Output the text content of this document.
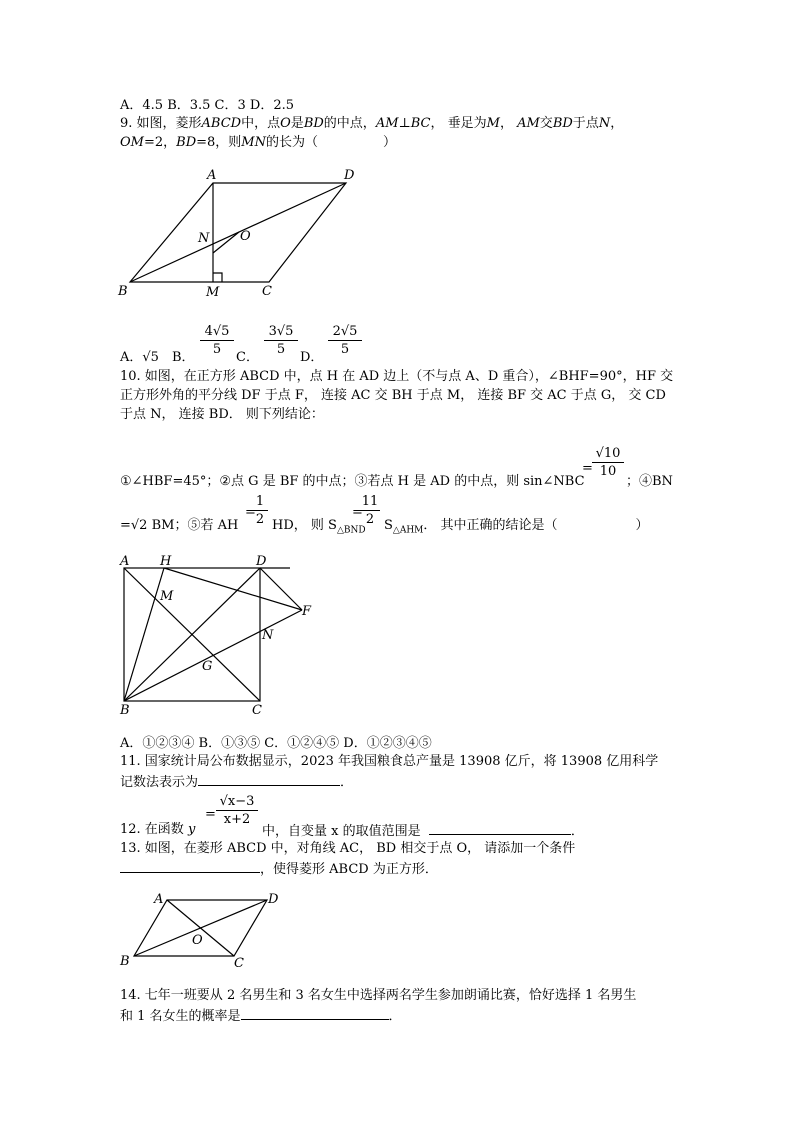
A．4.5 B．3.5 C．3 D．2.5
9. 如图，菱形ABCD中，点O是BD的中点，AM⊥BC， 垂足为M， AM交BD于点N，
OM=2，BD=8，则MN的长为（　　　　　）
A	D
B	C
M
N O
A．√5 B．
4√5
5
C．
3√5
5
D．
2√5
5
10. 如图，在正方形 ABCD 中，点 H 在 AD 边上（不与点 A、D 重合），∠BHF=90°，HF 交
正方形外角的平分线 DF 于点 F， 连接 AC 交 BH 于点 M， 连接 BF 交 AC 于点 G， 交 CD
于点 N， 连接 BD． 则下列结论：
①∠HBF=45°；②点 G 是 BF 的中点；③若点 H 是 AD 的中点，则 sin∠NBC
=
√10
10
；④BN
=√2 BM；⑤若 AH
=
1
2 HD， 则 $S_{\triangle BND}$
=
11
2 $S_{\triangle AHM}$． 其中正确的结论是（　　　　　　）
A H	D
F
M
N
G
B	C
A．①②③④ B．①③⑤ C．①②④⑤ D．①②③④⑤
11. 国家统计局公布数据显示，2023 年我国粮食总产量是 13908 亿斤，将 13908 亿用科学
记数法表示为	．
12. 在函数 y
=
√x−3
x+2
中，自变量 x 的取值范围是	．
13. 如图，在菱形 ABCD 中，对角线 AC， BD 相交于点 O， 请添加一个条件
，使得菱形 ABCD 为正方形．
A	D
B	C
O
14. 七年一班要从 2 名男生和 3 名女生中选择两名学生参加朗诵比赛，恰好选择 1 名男生
和 1 名女生的概率是	．
